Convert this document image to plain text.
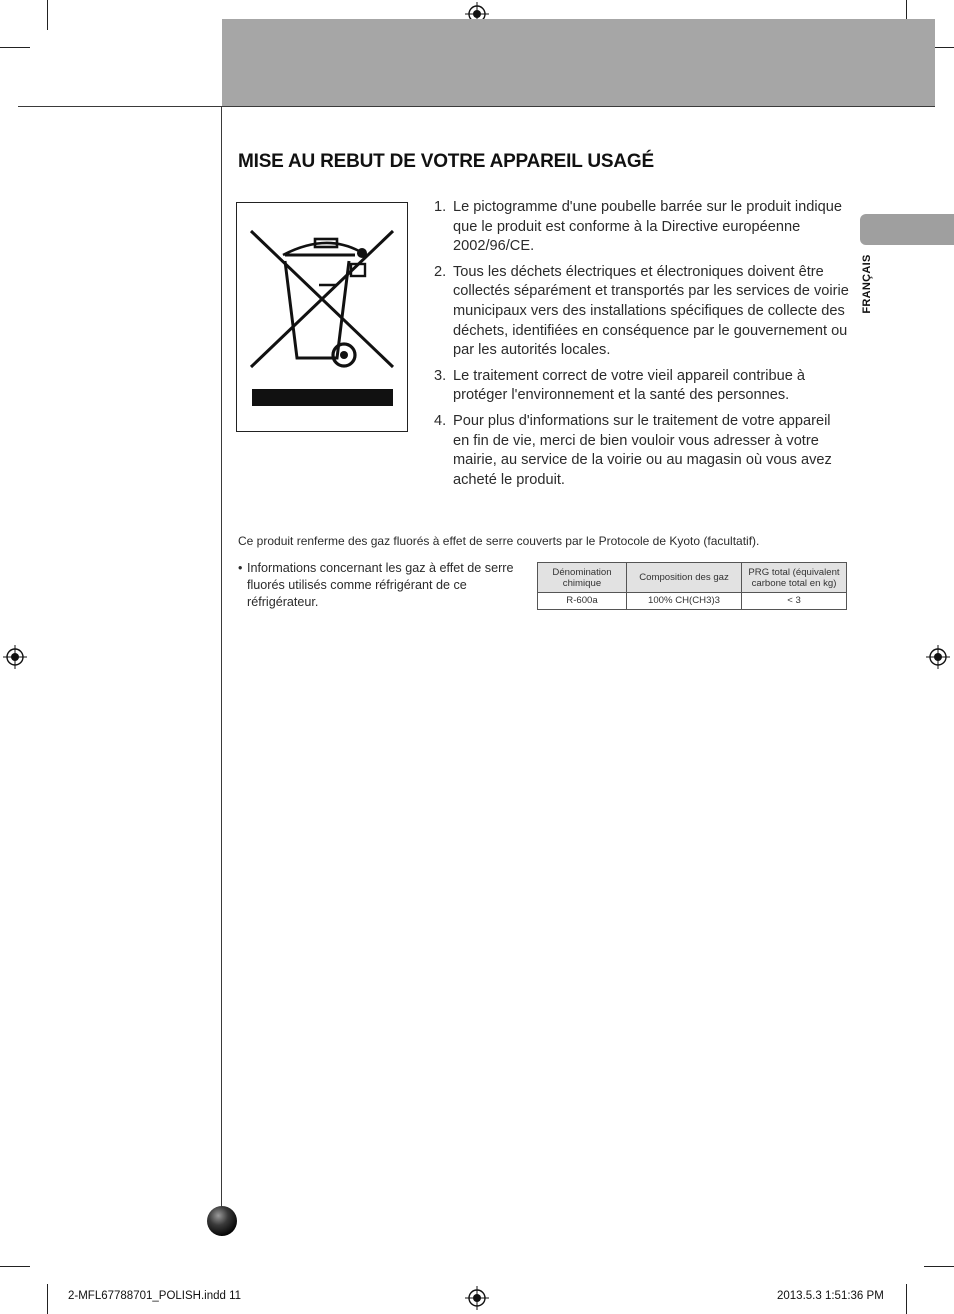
FRANÇAIS
MISE AU REBUT DE VOTRE APPAREIL USAGÉ
1. Le pictogramme d'une poubelle barrée sur le produit indique que le produit est conforme à la Directive européenne 2002/96/CE.
2. Tous les déchets électriques et électroniques doivent être collectés séparément et transportés par les services de voirie municipaux vers des installations spécifiques de collecte des déchets, identifiées en conséquence par le gouvernement ou par les autorités locales.
3. Le traitement correct de votre vieil appareil contribue à protéger l'environnement et la santé des personnes.
4. Pour plus d'informations sur le traitement de votre appareil en fin de vie, merci de bien vouloir vous adresser à votre mairie, au service de la voirie ou au magasin où vous avez acheté le produit.
Ce produit renferme des gaz fluorés à effet de serre couverts par le Protocole de Kyoto (facultatif).
• Informations concernant les gaz à effet de serre fluorés utilisés comme réfrigérant de ce réfrigérateur.
Dénomination chimique	Composition des gaz	PRG total (équivalent carbone total en kg)
R-600a	100% CH(CH3)3	< 3
2-MFL67788701_POLISH.indd 11	2013.5.3 1:51:36 PM
